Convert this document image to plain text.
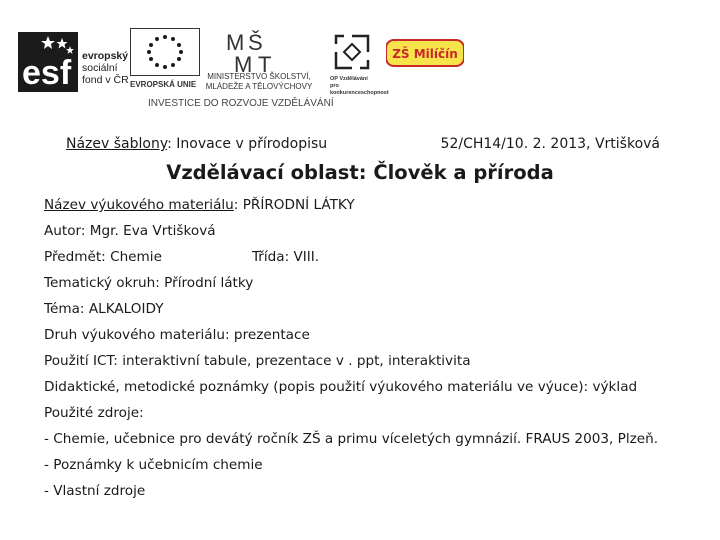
esf evropský
sociální
fond v ČR EVROPSKÁ UNIE
M Š
M T
MINISTERSTVO ŠKOLSTVÍ,
MLÁDEŽE A TĚLOVÝCHOVY
INVESTICE DO ROZVOJE VZDĚLÁVÁNÍ
OP Vzdělávání
pro konkurenceschopnost
ZŠ Milíčín
Název šablony: Inovace v přírodopisu	52/CH14/10. 2. 2013, Vrtišková
Vzdělávací oblast: Člověk a příroda
Název výukového materiálu: PŘÍRODNÍ LÁTKY
Autor: Mgr. Eva Vrtišková
Předmět: Chemie	Třída: VIII.
Tematický okruh: Přírodní látky
Téma: ALKALOIDY
Druh výukového materiálu: prezentace
Použití ICT: interaktivní tabule, prezentace v . ppt, interaktivita
Didaktické, metodické poznámky (popis použití výukového materiálu ve výuce): výklad
Použité zdroje:
- Chemie, učebnice pro devátý ročník ZŠ a primu víceletých gymnázií. FRAUS 2003, Plzeň.
- Poznámky k učebnicím chemie
- Vlastní zdroje
